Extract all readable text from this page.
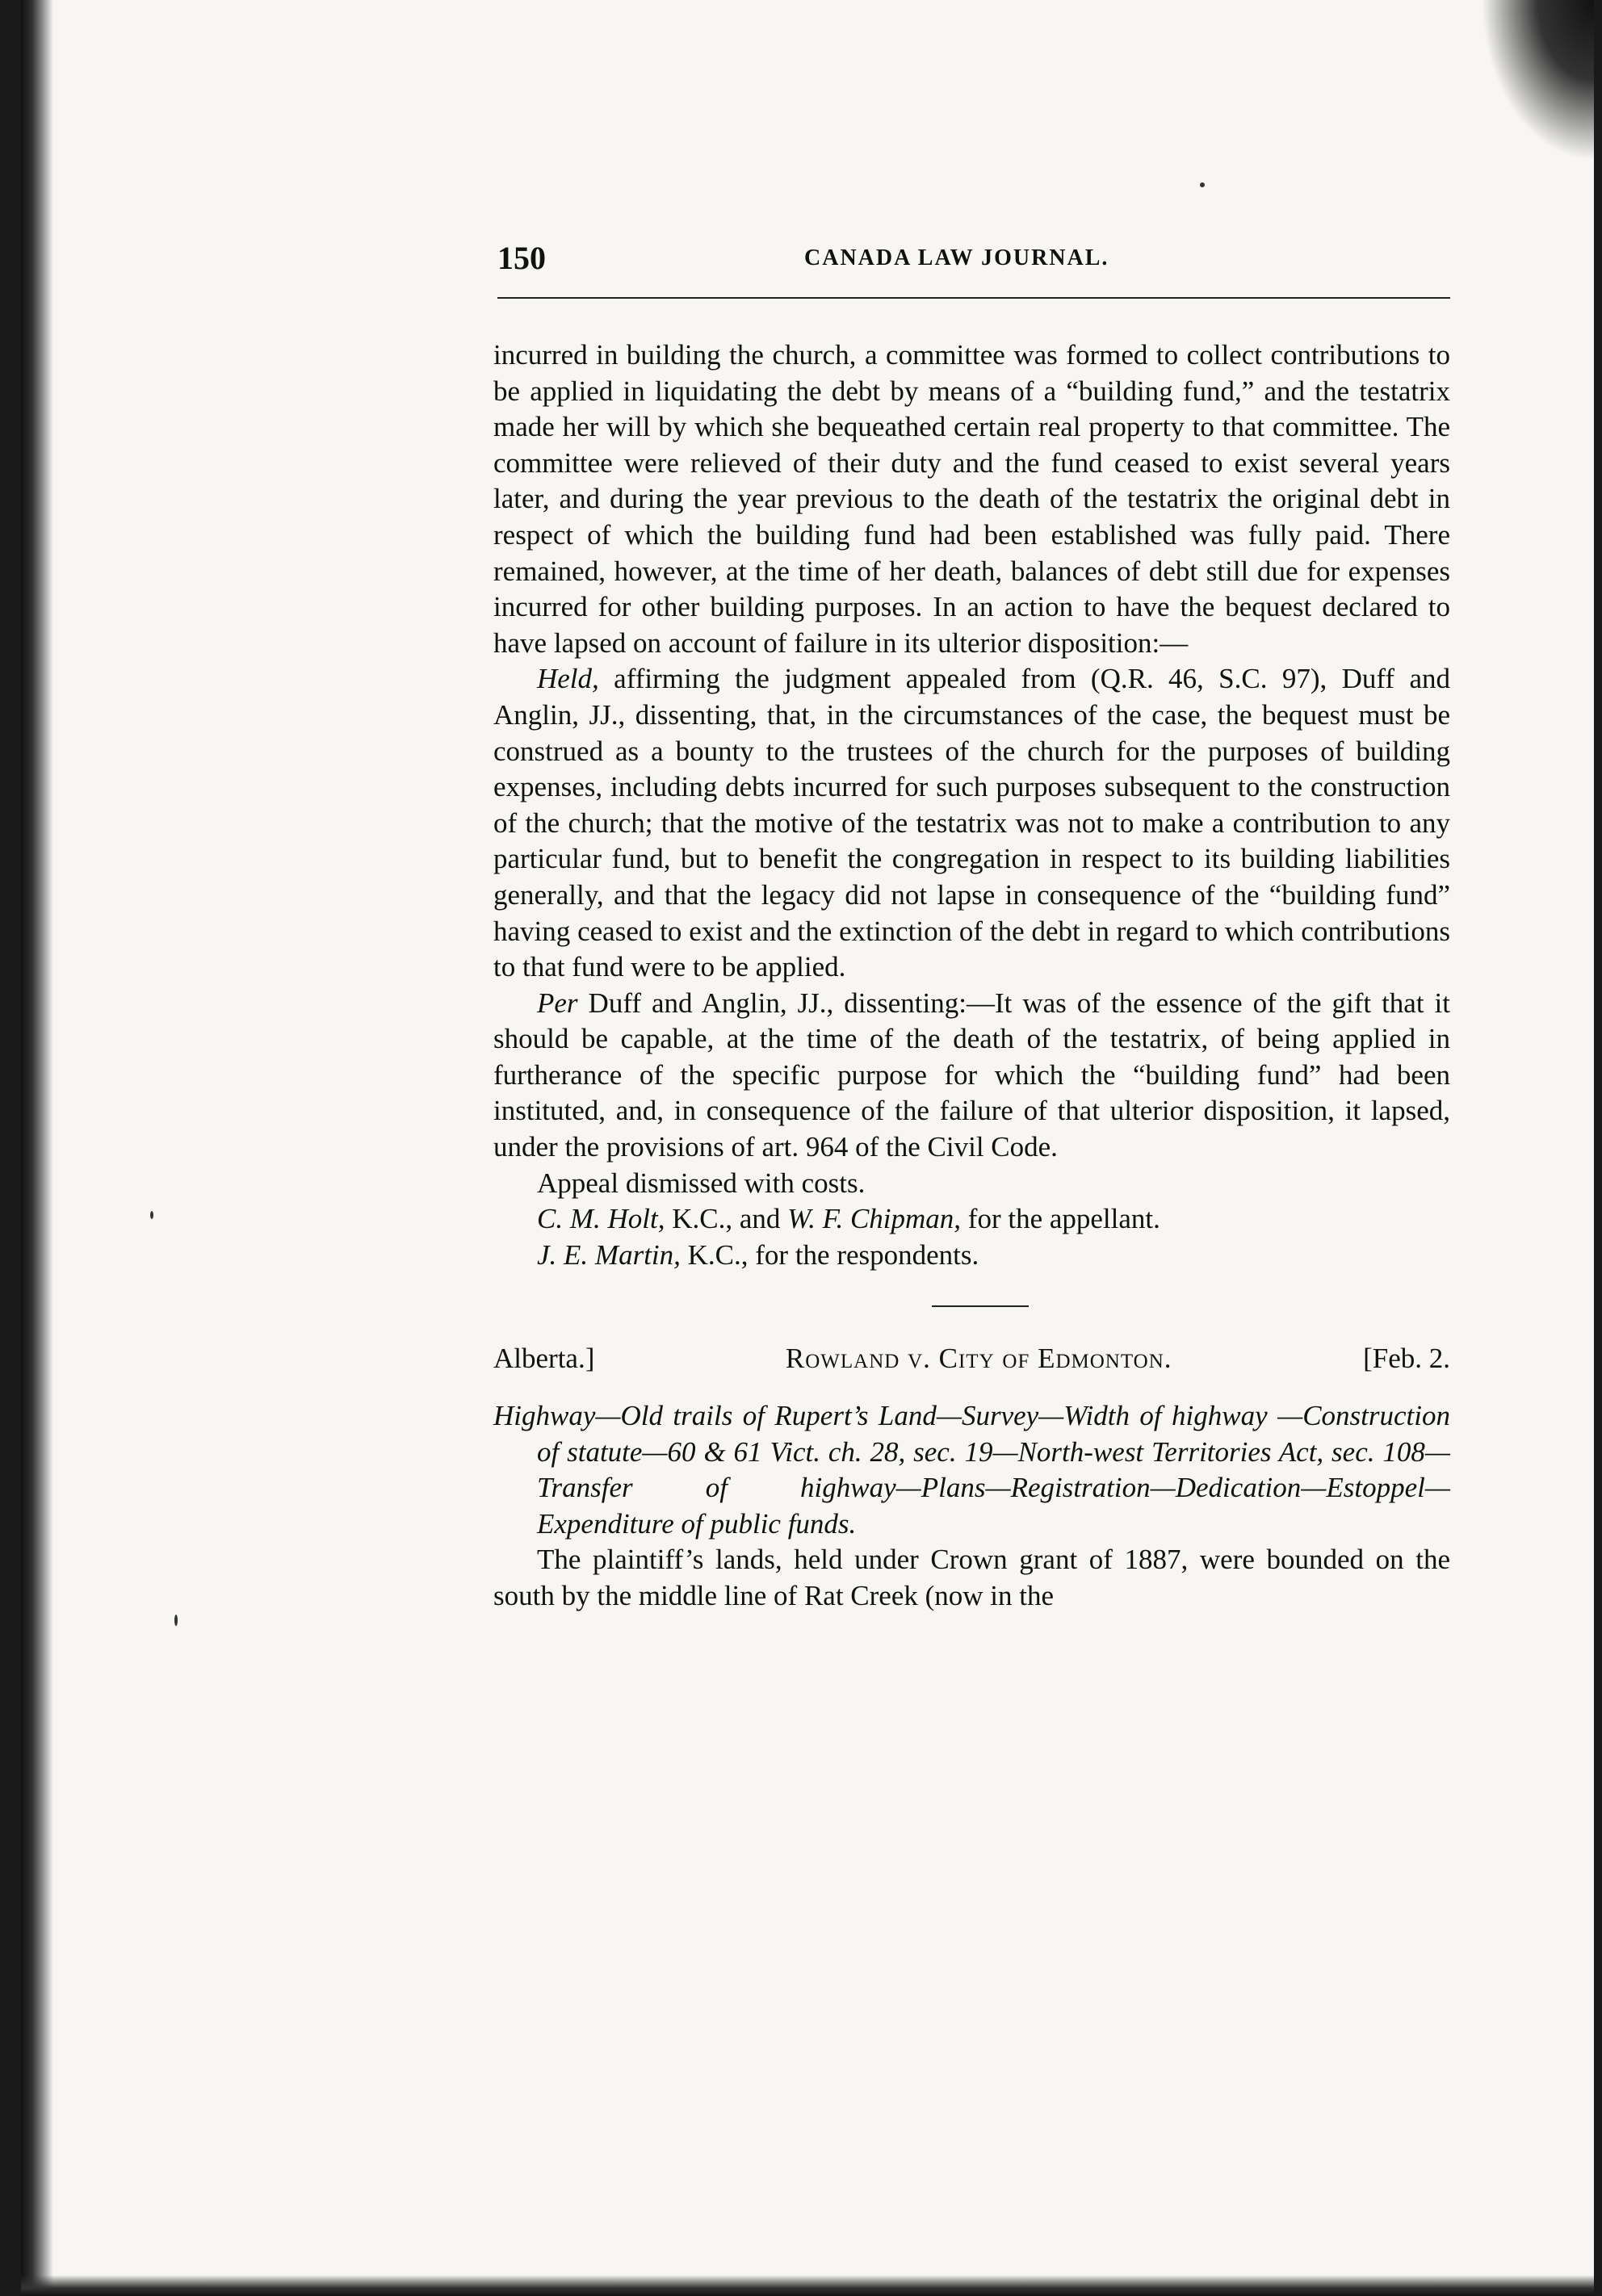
150	CANADA LAW JOURNAL.

incurred in building the church, a committee was formed to collect contributions to be applied in liquidating the debt by means of a “building fund,” and the testatrix made her will by which she bequeathed certain real property to that committee. The committee were relieved of their duty and the fund ceased to exist several years later, and during the year previous to the death of the testatrix the original debt in respect of which the building fund had been established was fully paid. There remained, however, at the time of her death, balances of debt still due for expenses incurred for other building purposes. In an action to have the bequest declared to have lapsed on account of failure in its ulterior disposition:—

Held, affirming the judgment appealed from (Q.R. 46, S.C. 97), Duff and Anglin, JJ., dissenting, that, in the circumstances of the case, the bequest must be construed as a bounty to the trustees of the church for the purposes of building expenses, including debts incurred for such purposes subsequent to the construction of the church; that the motive of the testatrix was not to make a contribution to any particular fund, but to benefit the congregation in respect to its building liabilities generally, and that the legacy did not lapse in consequence of the “building fund” having ceased to exist and the extinction of the debt in regard to which contributions to that fund were to be applied.

Per Duff and Anglin, JJ., dissenting:—It was of the essence of the gift that it should be capable, at the time of the death of the testatrix, of being applied in furtherance of the specific purpose for which the “building fund” had been instituted, and, in consequence of the failure of that ulterior disposition, it lapsed, under the provisions of art. 964 of the Civil Code.

Appeal dismissed with costs.

C. M. Holt, K.C., and W. F. Chipman, for the appellant.

J. E. Martin, K.C., for the respondents.

Alberta.]	Rowland v. City of Edmonton.	[Feb. 2.

Highway—Old trails of Rupert’s Land—Survey—Width of highway —Construction of statute—60 & 61 Vict. ch. 28, sec. 19—North-west Territories Act, sec. 108—Transfer of highway—Plans—Registration—Dedication—Estoppel—Expenditure of public funds.

The plaintiff’s lands, held under Crown grant of 1887, were bounded on the south by the middle line of Rat Creek (now in the
